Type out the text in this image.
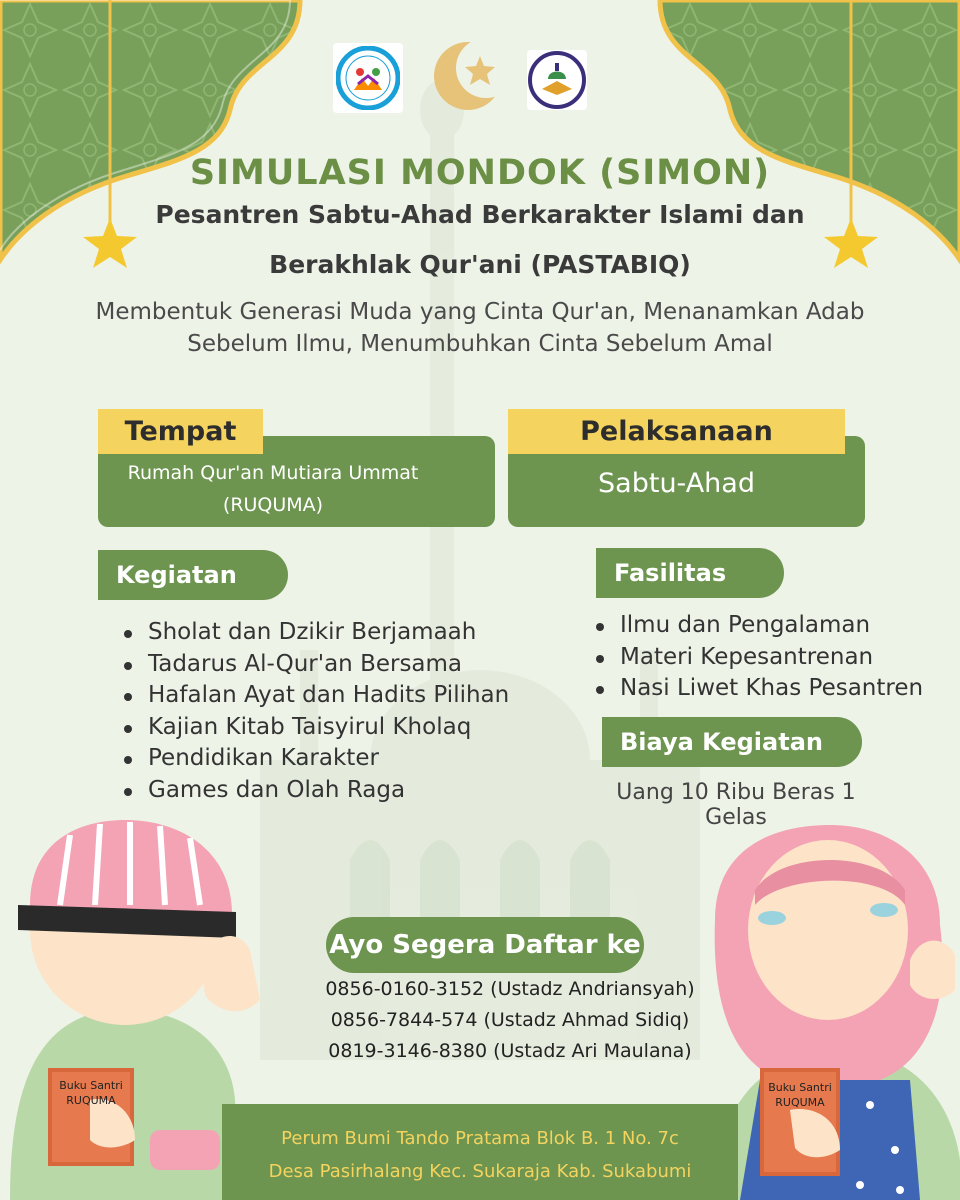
SIMULASI MONDOK (SIMON)
Pesantren Sabtu-Ahad Berkarakter Islami dan
Berakhlak Qur'ani (PASTABIQ)
Membentuk Generasi Muda yang Cinta Qur'an, Menanamkan Adab
Sebelum Ilmu, Menumbuhkan Cinta Sebelum Amal
Tempat
Rumah Qur'an Mutiara Ummat
(RUQUMA)
Pelaksanaan
Sabtu-Ahad
Kegiatan
Sholat dan Dzikir Berjamaah
Tadarus Al-Qur'an Bersama
Hafalan Ayat dan Hadits Pilihan
Kajian Kitab Taisyirul Kholaq
Pendidikan Karakter
Games dan Olah Raga
Fasilitas
Ilmu dan Pengalaman
Materi Kepesantrenan
Nasi Liwet Khas Pesantren
Biaya Kegiatan
Uang 10 Ribu Beras 1 Gelas
Ayo Segera Daftar ke
0856-0160-3152 (Ustadz Andriansyah)
0856-7844-574 (Ustadz Ahmad Sidiq)
0819-3146-8380 (Ustadz Ari Maulana)
Buku Santri
RUQUMA
Buku Santri
RUQUMA
Perum Bumi Tando Pratama Blok B. 1 No. 7c
Desa Pasirhalang Kec. Sukaraja Kab. Sukabumi
